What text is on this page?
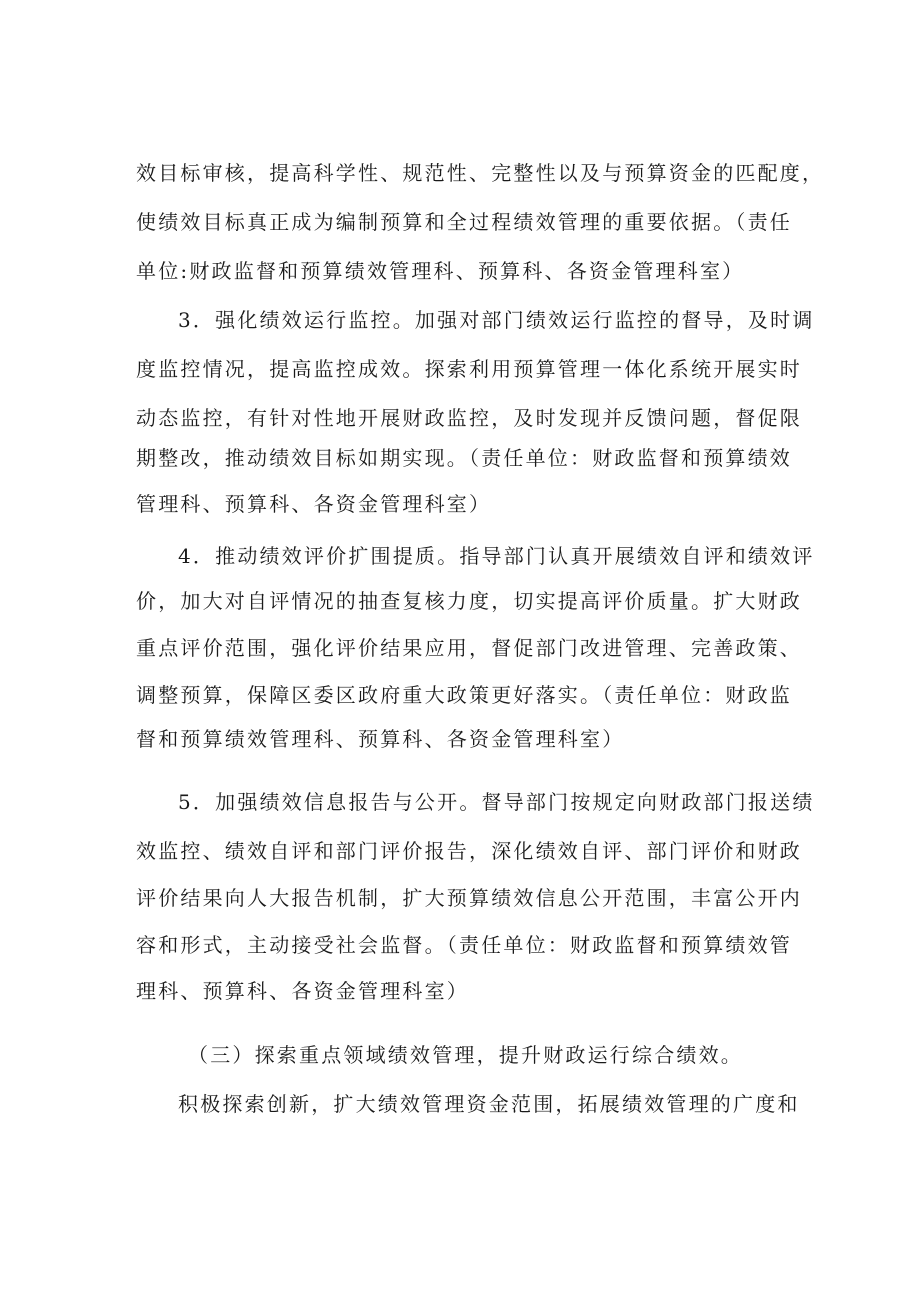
效目标审核，提高科学性、规范性、完整性以及与预算资金的匹配度，
使绩效目标真正成为编制预算和全过程绩效管理的重要依据。（责任
单位:财政监督和预算绩效管理科、预算科、各资金管理科室）
3．强化绩效运行监控。加强对部门绩效运行监控的督导，及时调
度监控情况，提高监控成效。探索利用预算管理一体化系统开展实时
动态监控，有针对性地开展财政监控，及时发现并反馈问题，督促限
期整改，推动绩效目标如期实现。（责任单位：财政监督和预算绩效
管理科、预算科、各资金管理科室）
4．推动绩效评价扩围提质。指导部门认真开展绩效自评和绩效评
价，加大对自评情况的抽查复核力度，切实提高评价质量。扩大财政
重点评价范围，强化评价结果应用，督促部门改进管理、完善政策、
调整预算，保障区委区政府重大政策更好落实。（责任单位：财政监
督和预算绩效管理科、预算科、各资金管理科室）
5．加强绩效信息报告与公开。督导部门按规定向财政部门报送绩
效监控、绩效自评和部门评价报告，深化绩效自评、部门评价和财政
评价结果向人大报告机制，扩大预算绩效信息公开范围，丰富公开内
容和形式，主动接受社会监督。（责任单位：财政监督和预算绩效管
理科、预算科、各资金管理科室）
（三）探索重点领域绩效管理，提升财政运行综合绩效。
积极探索创新，扩大绩效管理资金范围，拓展绩效管理的广度和
